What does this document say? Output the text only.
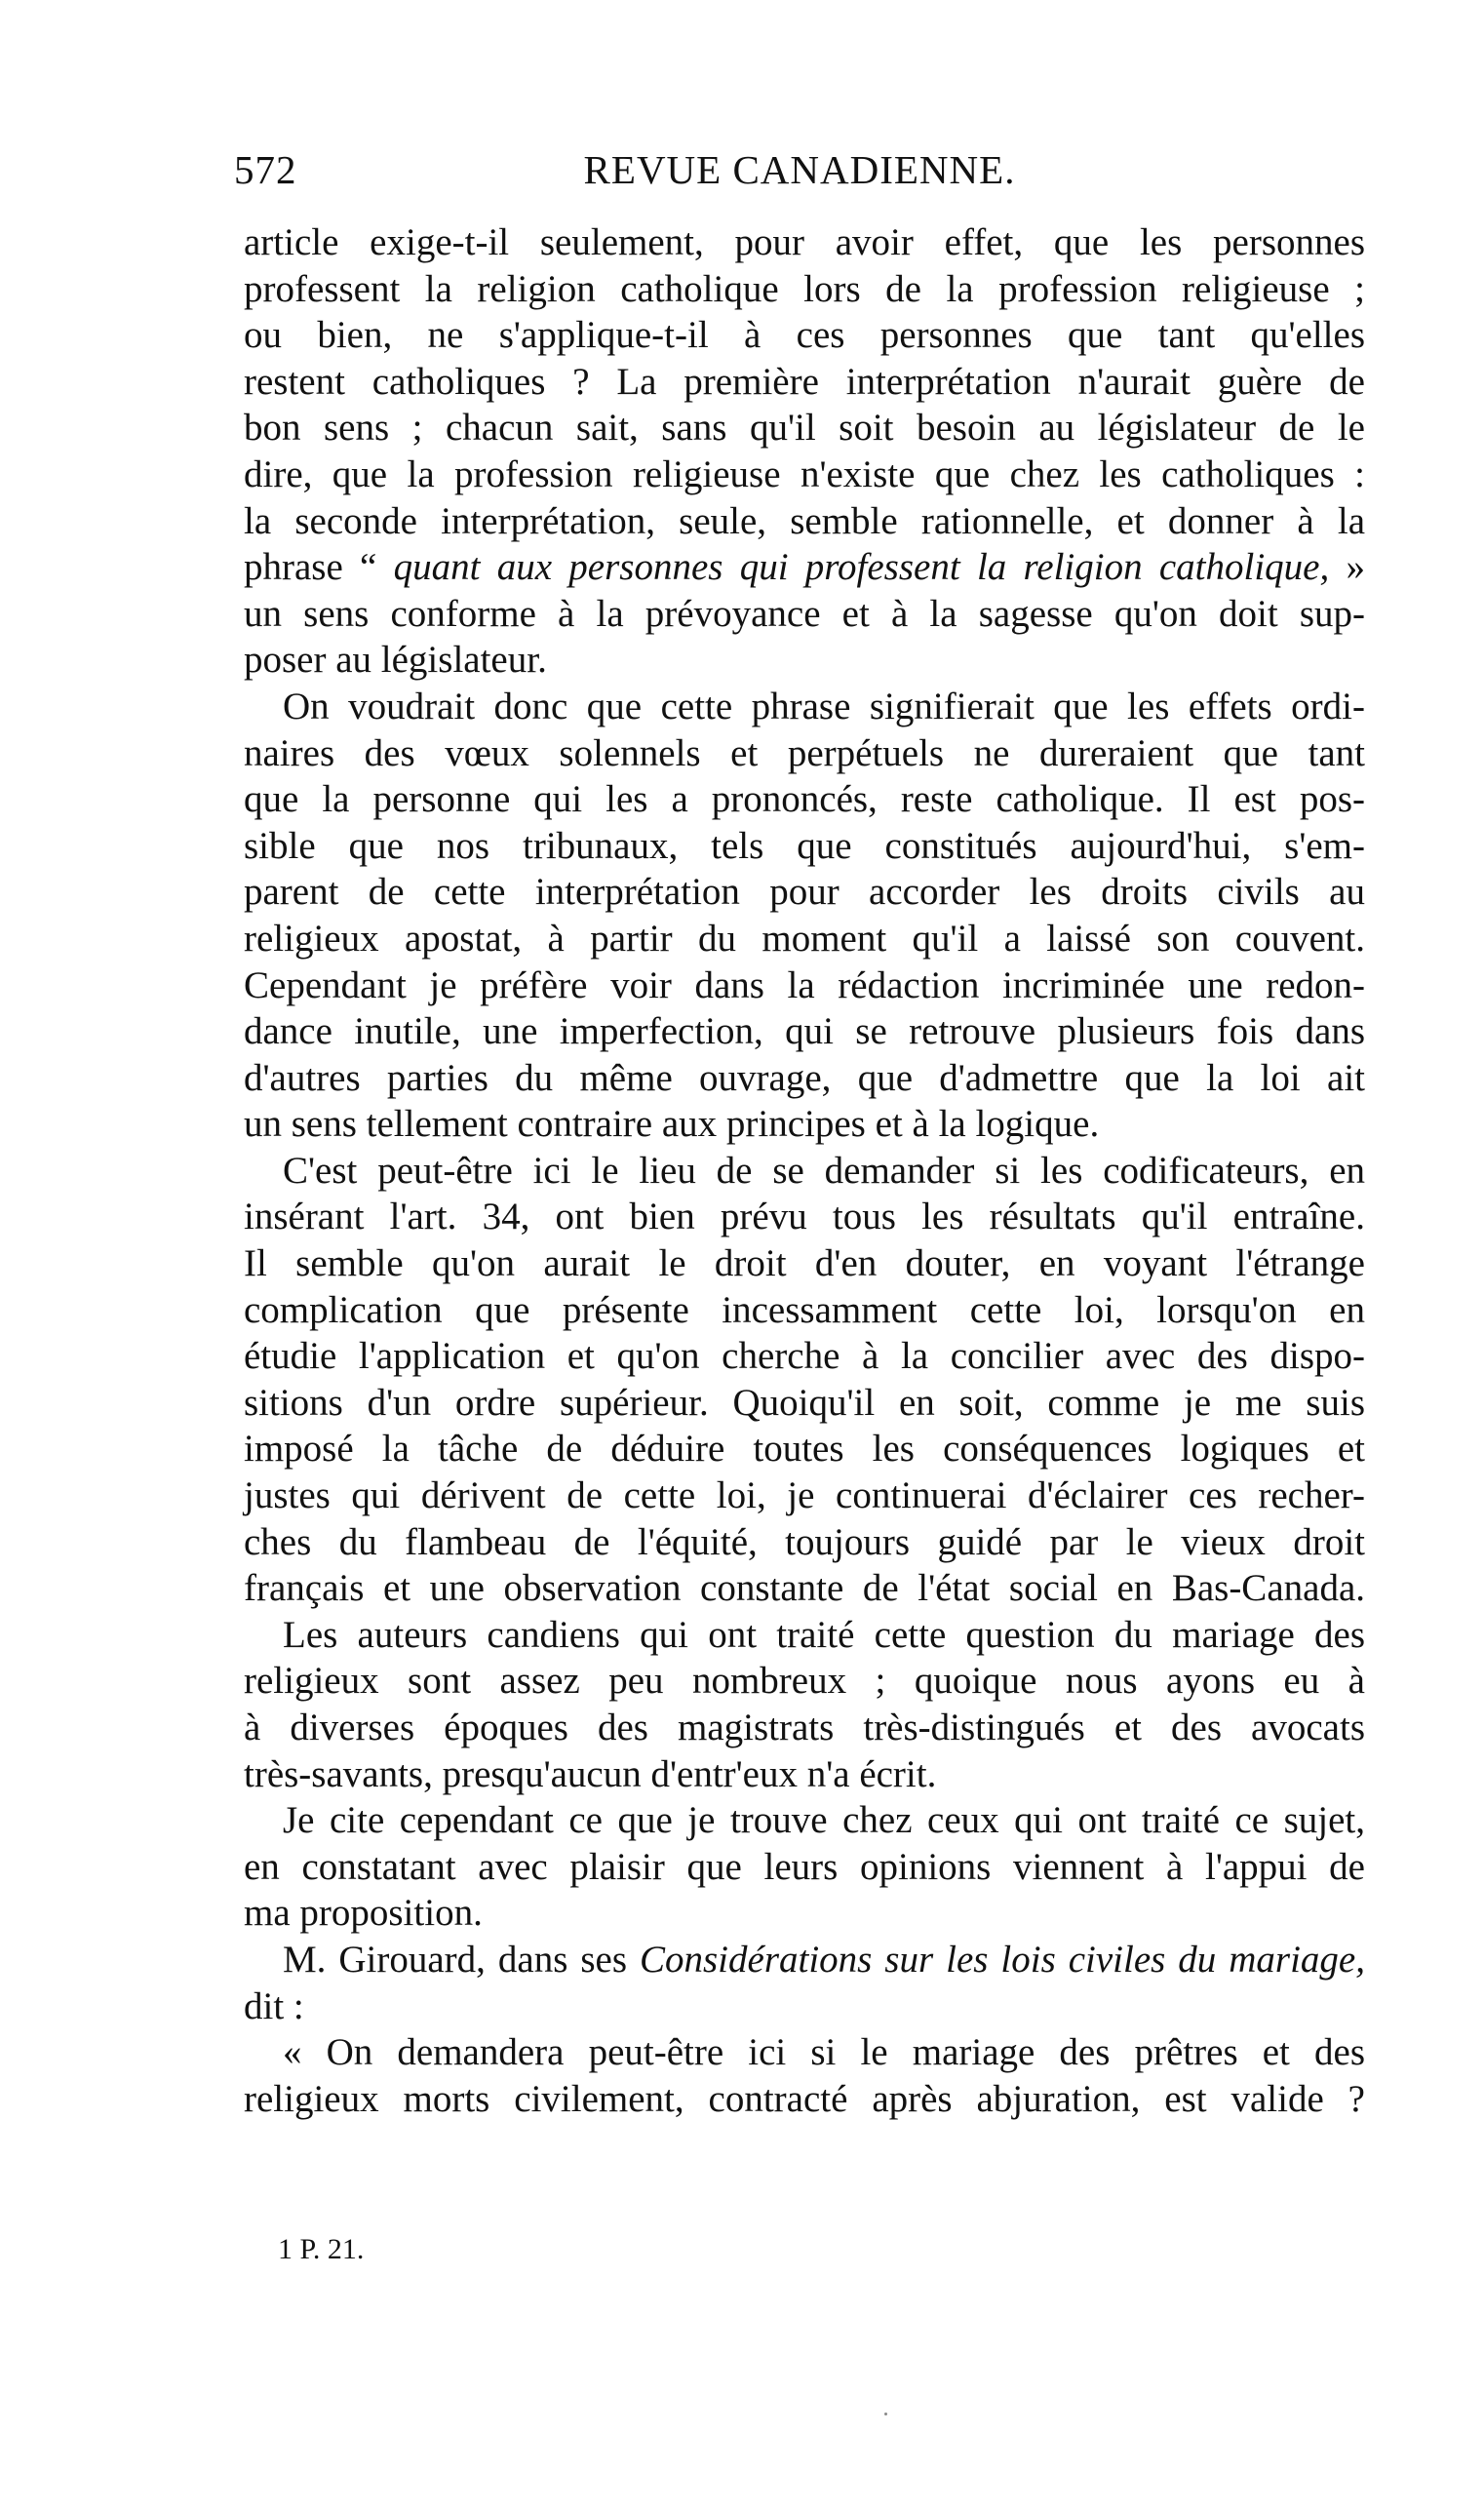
572	REVUE CANADIENNE.
article exige-t-il seulement, pour avoir effet, que les personnes
professent la religion catholique lors de la profession religieuse ;
ou bien, ne s'applique-t-il à ces personnes que tant qu'elles
restent catholiques ? La première interprétation n'aurait guère de
bon sens ; chacun sait, sans qu'il soit besoin au législateur de le
dire, que la profession religieuse n'existe que chez les catholiques :
la seconde interprétation, seule, semble rationnelle, et donner à la
phrase “ quant aux personnes qui professent la religion catholique, »
un sens conforme à la prévoyance et à la sagesse qu'on doit sup-
poser au législateur.
On voudrait donc que cette phrase signifierait que les effets ordi-
naires des vœux solennels et perpétuels ne dureraient que tant
que la personne qui les a prononcés, reste catholique. Il est pos-
sible que nos tribunaux, tels que constitués aujourd'hui, s'em-
parent de cette interprétation pour accorder les droits civils au
religieux apostat, à partir du moment qu'il a laissé son couvent.
Cependant je préfère voir dans la rédaction incriminée une redon-
dance inutile, une imperfection, qui se retrouve plusieurs fois dans
d'autres parties du même ouvrage, que d'admettre que la loi ait
un sens tellement contraire aux principes et à la logique.
C'est peut-être ici le lieu de se demander si les codificateurs, en
insérant l'art. 34, ont bien prévu tous les résultats qu'il entraîne.
Il semble qu'on aurait le droit d'en douter, en voyant l'étrange
complication que présente incessamment cette loi, lorsqu'on en
étudie l'application et qu'on cherche à la concilier avec des dispo-
sitions d'un ordre supérieur. Quoiqu'il en soit, comme je me suis
imposé la tâche de déduire toutes les conséquences logiques et
justes qui dérivent de cette loi, je continuerai d'éclairer ces recher-
ches du flambeau de l'équité, toujours guidé par le vieux droit
français et une observation constante de l'état social en Bas-Canada.
Les auteurs candiens qui ont traité cette question du mariage des
religieux sont assez peu nombreux ; quoique nous ayons eu à
à diverses époques des magistrats très-distingués et des avocats
très-savants, presqu'aucun d'entr'eux n'a écrit.
Je cite cependant ce que je trouve chez ceux qui ont traité ce sujet,
en constatant avec plaisir que leurs opinions viennent à l'appui de
ma proposition.
M. Girouard, dans ses Considérations sur les lois civiles du mariage,
dit :
« On demandera peut-être ici si le mariage des prêtres et des
religieux morts civilement, contracté après abjuration, est valide ?
1 P. 21.
